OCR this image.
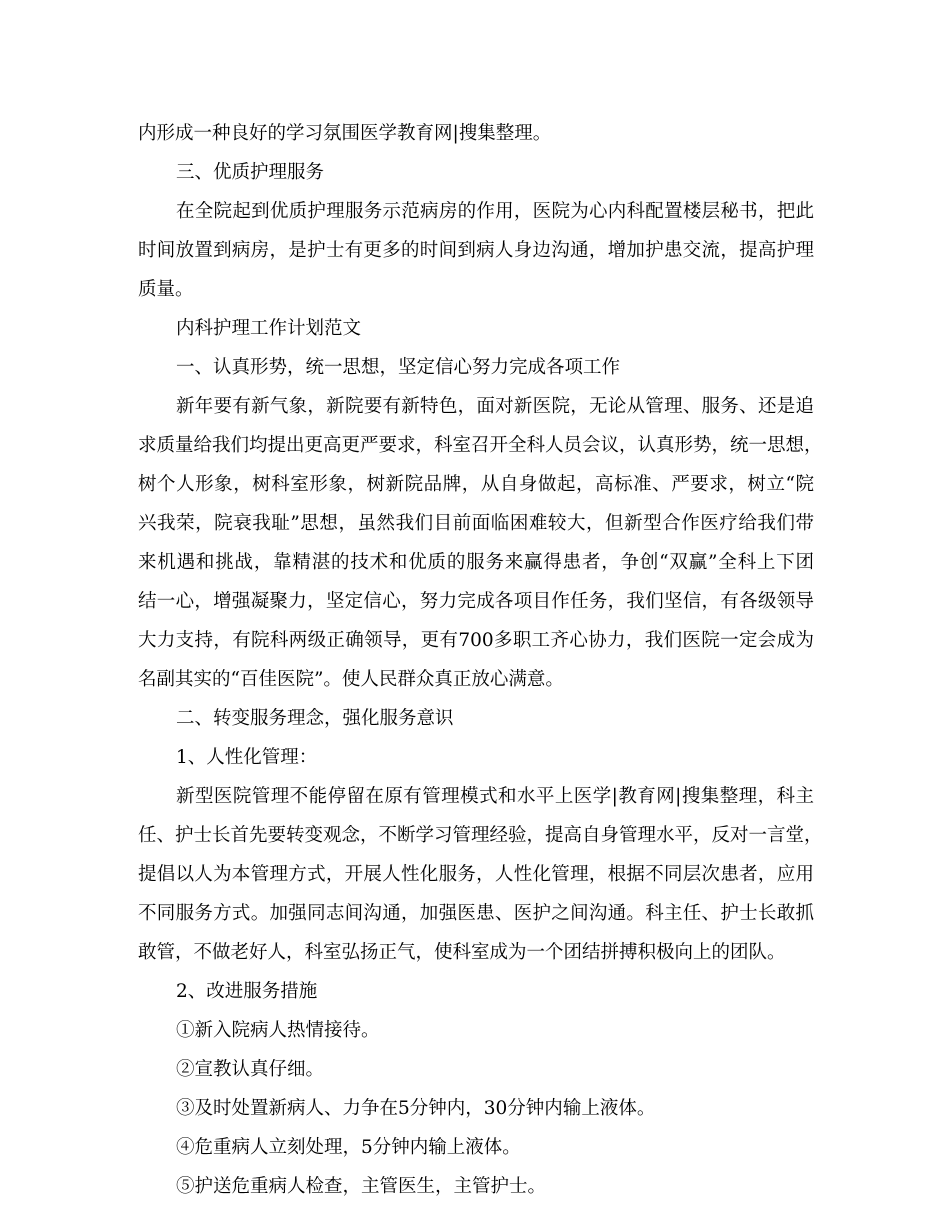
内形成一种良好的学习氛围医学教育网|搜集整理。
三、优质护理服务
在全院起到优质护理服务示范病房的作用，医院为心内科配置楼层秘书，把此
时间放置到病房，是护士有更多的时间到病人身边沟通，增加护患交流，提高护理
质量。
内科护理工作计划范文
一、认真形势，统一思想，坚定信心努力完成各项工作
新年要有新气象，新院要有新特色，面对新医院，无论从管理、服务、还是追
求质量给我们均提出更高更严要求，科室召开全科人员会议，认真形势，统一思想，
树个人形象，树科室形象，树新院品牌，从自身做起，高标准、严要求，树立“院
兴我荣，院衰我耻”思想，虽然我们目前面临困难较大，但新型合作医疗给我们带
来机遇和挑战，靠精湛的技术和优质的服务来赢得患者，争创“双赢”全科上下团
结一心，增强凝聚力，坚定信心，努力完成各项目作任务，我们坚信，有各级领导
大力支持，有院科两级正确领导，更有700多职工齐心协力，我们医院一定会成为
名副其实的“百佳医院”。使人民群众真正放心满意。
二、转变服务理念，强化服务意识
1、人性化管理：
新型医院管理不能停留在原有管理模式和水平上医学|教育网|搜集整理，科主
任、护士长首先要转变观念，不断学习管理经验，提高自身管理水平，反对一言堂，
提倡以人为本管理方式，开展人性化服务，人性化管理，根据不同层次患者，应用
不同服务方式。加强同志间沟通，加强医患、医护之间沟通。科主任、护士长敢抓
敢管，不做老好人，科室弘扬正气，使科室成为一个团结拼搏积极向上的团队。
2、改进服务措施
①新入院病人热情接待。
②宣教认真仔细。
③及时处置新病人、力争在5分钟内，30分钟内输上液体。
④危重病人立刻处理，5分钟内输上液体。
⑤护送危重病人检查，主管医生，主管护士。
